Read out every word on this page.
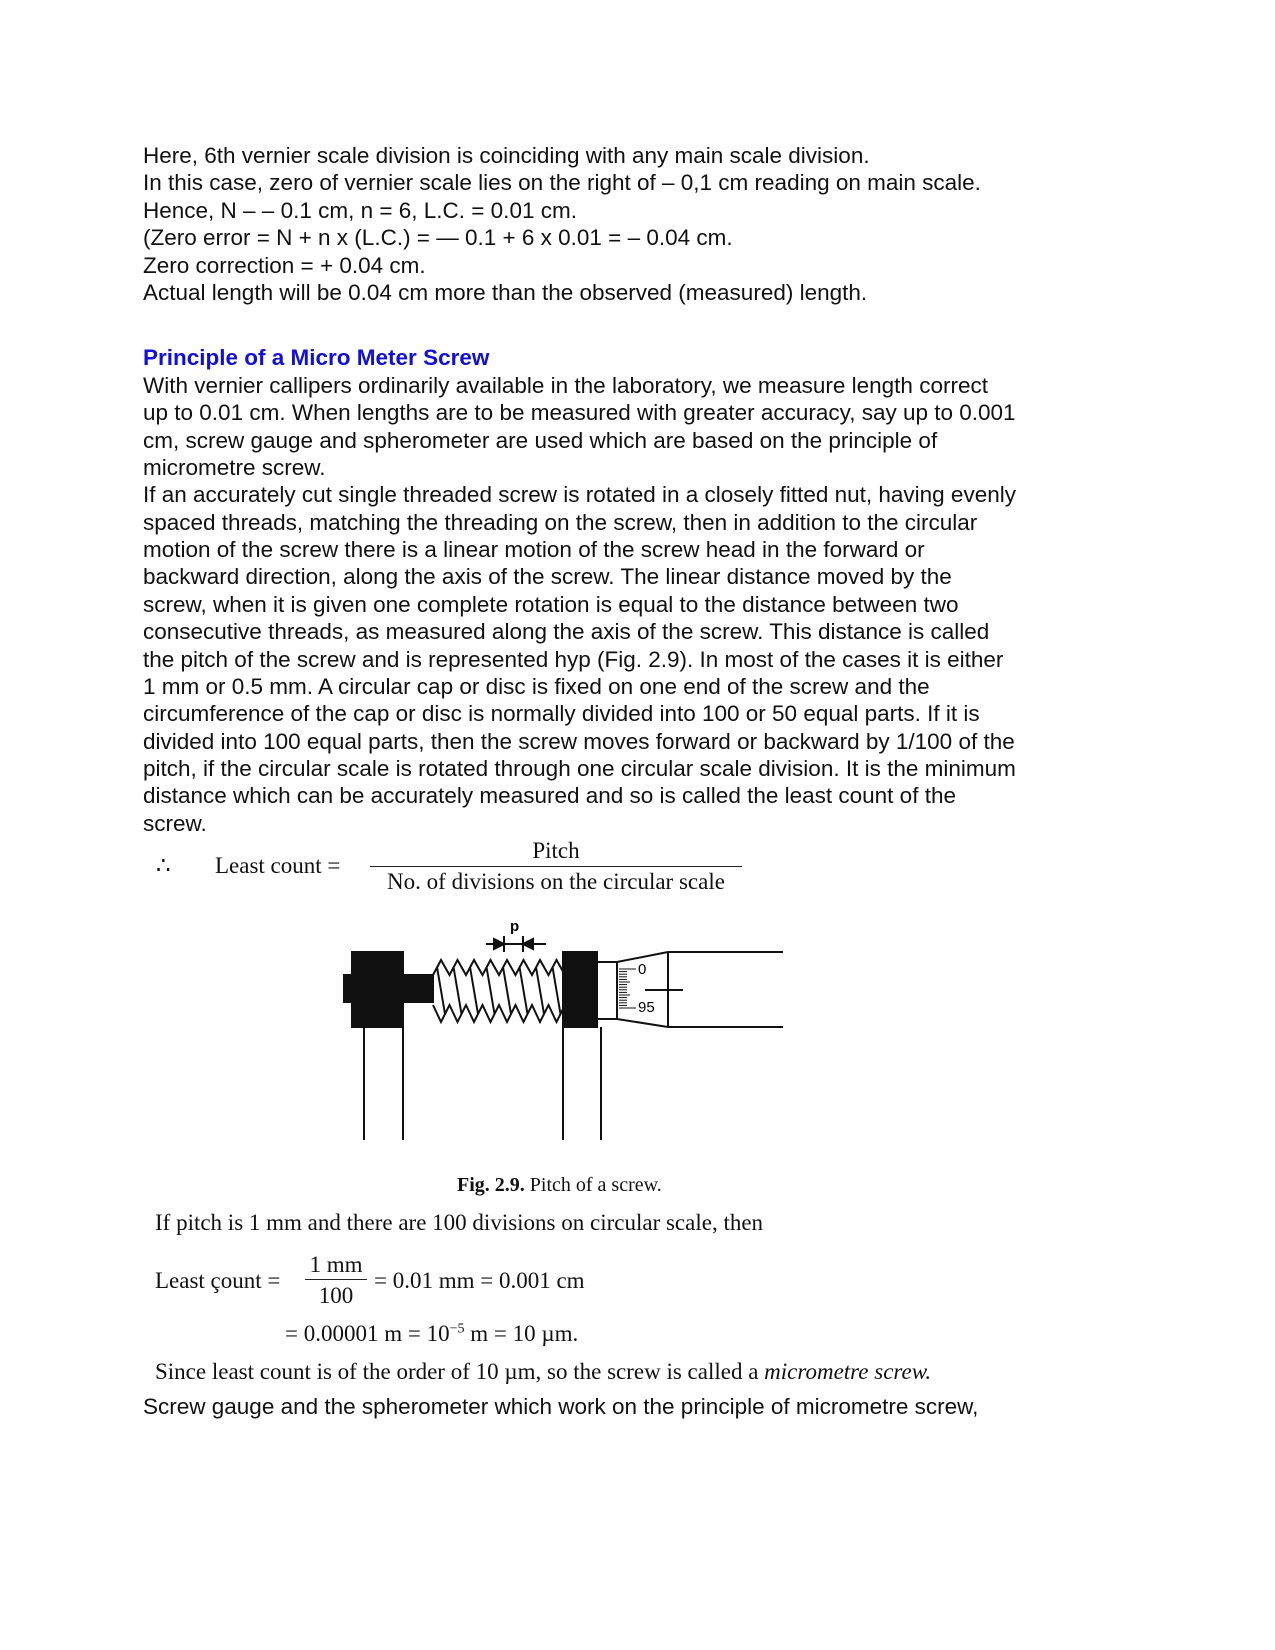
Here, 6th vernier scale division is coinciding with any main scale division.
In this case, zero of vernier scale lies on the right of – 0,1 cm reading on main scale.
Hence, N – – 0.1 cm, n = 6, L.C. = 0.01 cm.
(Zero error = N + n x (L.C.) = — 0.1 + 6 x 0.01 = – 0.04 cm.
Zero correction = + 0.04 cm.
Actual length will be 0.04 cm more than the observed (measured) length.
Principle of a Micro Meter Screw
With vernier callipers ordinarily available in the laboratory, we measure length correct
up to 0.01 cm. When lengths are to be measured with greater accuracy, say up to 0.001
cm, screw gauge and spherometer are used which are based on the principle of
micrometre screw.
If an accurately cut single threaded screw is rotated in a closely fitted nut, having evenly
spaced threads, matching the threading on the screw, then in addition to the circular
motion of the screw there is a linear motion of the screw head in the forward or
backward direction, along the axis of the screw. The linear distance moved by the
screw, when it is given one complete rotation is equal to the distance between two
consecutive threads, as measured along the axis of the screw. This distance is called
the pitch of the screw and is represented hyp (Fig. 2.9). In most of the cases it is either
1 mm or 0.5 mm. A circular cap or disc is fixed on one end of the screw and the
circumference of the cap or disc is normally divided into 100 or 50 equal parts. If it is
divided into 100 equal parts, then the screw moves forward or backward by 1/100 of the
pitch, if the circular scale is rotated through one circular scale division. It is the minimum
distance which can be accurately measured and so is called the least count of the
screw.
∴ Least count =
Pitch
No. of divisions on the circular scale
p
0
95
Fig. 2.9. Pitch of a screw.
If pitch is 1 mm and there are 100 divisions on circular scale, then
Least çount =
1 mm
100
= 0.01 mm = 0.001 cm
= 0.00001 $m = 10^{-5}$ m = 10 µm.
Since least count is of the order of 10 µm, so the screw is called a micrometre screw.
Screw gauge and the spherometer which work on the principle of micrometre screw,
